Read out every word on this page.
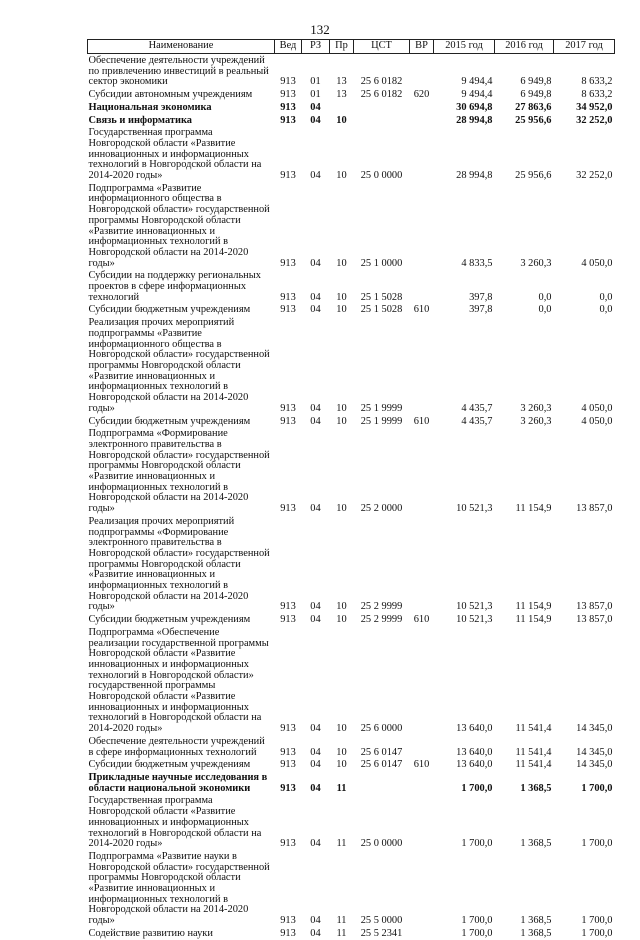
132
Наименование	Вед	РЗ	Пр	ЦСТ	ВР	2015 год	2016 год	2017 год
Обеспечение деятельности учреждений по привлечению инвестиций в реальный сектор экономики	913	01	13	25 6 0182		9 494,4	6 949,8	8 633,2
Субсидии автономным учреждениям	913	01	13	25 6 0182	620	9 494,4	6 949,8	8 633,2
Национальная экономика	913	04				30 694,8	27 863,6	34 952,0
Связь и информатика	913	04	10			28 994,8	25 956,6	32 252,0
Государственная программа Новгородской области «Развитие инновационных и информационных технологий в Новгородской области на 2014-2020 годы»	913	04	10	25 0 0000		28 994,8	25 956,6	32 252,0
Подпрограмма «Развитие информационного общества в Новгородской области» государственной программы Новгородской области «Развитие инновационных и информационных технологий в Новгородской области на 2014-2020 годы»	913	04	10	25 1 0000		4 833,5	3 260,3	4 050,0
Субсидии на поддержку региональных проектов в сфере информационных технологий	913	04	10	25 1 5028		397,8	0,0	0,0
Субсидии бюджетным учреждениям	913	04	10	25 1 5028	610	397,8	0,0	0,0
Реализация прочих мероприятий подпрограммы «Развитие информационного общества в Новгородской области» государственной программы Новгородской области «Развитие инновационных и информационных технологий в Новгородской области на 2014-2020 годы»	913	04	10	25 1 9999		4 435,7	3 260,3	4 050,0
Субсидии бюджетным учреждениям	913	04	10	25 1 9999	610	4 435,7	3 260,3	4 050,0
Подпрограмма «Формирование электронного правительства в Новгородской области» государственной программы Новгородской области «Развитие инновационных и информационных технологий в Новгородской области на 2014-2020 годы»	913	04	10	25 2 0000		10 521,3	11 154,9	13 857,0
Реализация прочих мероприятий подпрограммы «Формирование электронного правительства в Новгородской области» государственной программы Новгородской области «Развитие инновационных и информационных технологий в Новгородской области на 2014-2020 годы»	913	04	10	25 2 9999		10 521,3	11 154,9	13 857,0
Субсидии бюджетным учреждениям	913	04	10	25 2 9999	610	10 521,3	11 154,9	13 857,0
Подпрограмма «Обеспечение реализации государственной программы Новгородской области «Развитие инновационных и информационных технологий в Новгородской области» государственной программы Новгородской области «Развитие инновационных и информационных технологий в Новгородской области на 2014-2020 годы»	913	04	10	25 6 0000		13 640,0	11 541,4	14 345,0
Обеспечение деятельности учреждений в сфере информационных технологий	913	04	10	25 6 0147		13 640,0	11 541,4	14 345,0
Субсидии бюджетным учреждениям	913	04	10	25 6 0147	610	13 640,0	11 541,4	14 345,0
Прикладные научные исследования в области национальной экономики	913	04	11			1 700,0	1 368,5	1 700,0
Государственная программа Новгородской области «Развитие инновационных и информационных технологий в Новгородской области на 2014-2020 годы»	913	04	11	25 0 0000		1 700,0	1 368,5	1 700,0
Подпрограмма «Развитие науки в Новгородской области» государственной программы Новгородской области «Развитие инновационных и информационных технологий в Новгородской области на 2014-2020 годы»	913	04	11	25 5 0000		1 700,0	1 368,5	1 700,0
Содействие развитию науки	913	04	11	25 5 2341		1 700,0	1 368,5	1 700,0
